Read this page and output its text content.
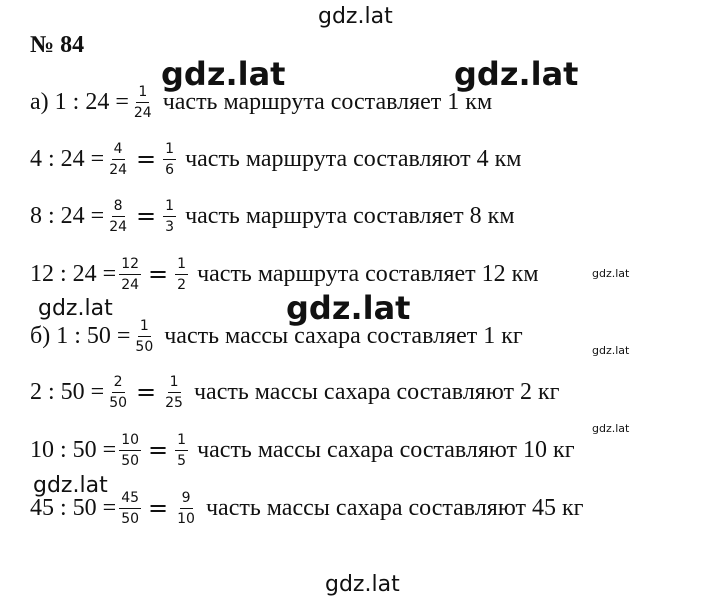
gdz.lat
gdz.lat	gdz.lat
gdz.lat
gdz.lat
gdz.lat
gdz.lat
gdz.lat
gdz.lat
gdz.lat
№ 84
а) 1 : $24 = \frac{1}{24}$ часть маршрута составляет 1 км
4 : $24 = \frac{4}{24} = \frac{1}{6}$ часть маршрута составляют 4 км
8 : $24 = \frac{8}{24} = \frac{1}{3}$ часть маршрута составляет 8 км
12 : $24 = \frac{12}{24} = \frac{1}{2}$ часть маршрута составляет 12 км
б) 1 : $50 = \frac{1}{50}$ часть массы сахара составляет 1 кг
2 : $50 = \frac{2}{50} = \frac{1}{25}$ часть массы сахара составляют 2 кг
10 : $50 = \frac{10}{50} = \frac{1}{5}$ часть массы сахара составляют 10 кг
45 : $50 = \frac{45}{50} = \frac{9}{10}$ часть массы сахара составляют 45 кг
